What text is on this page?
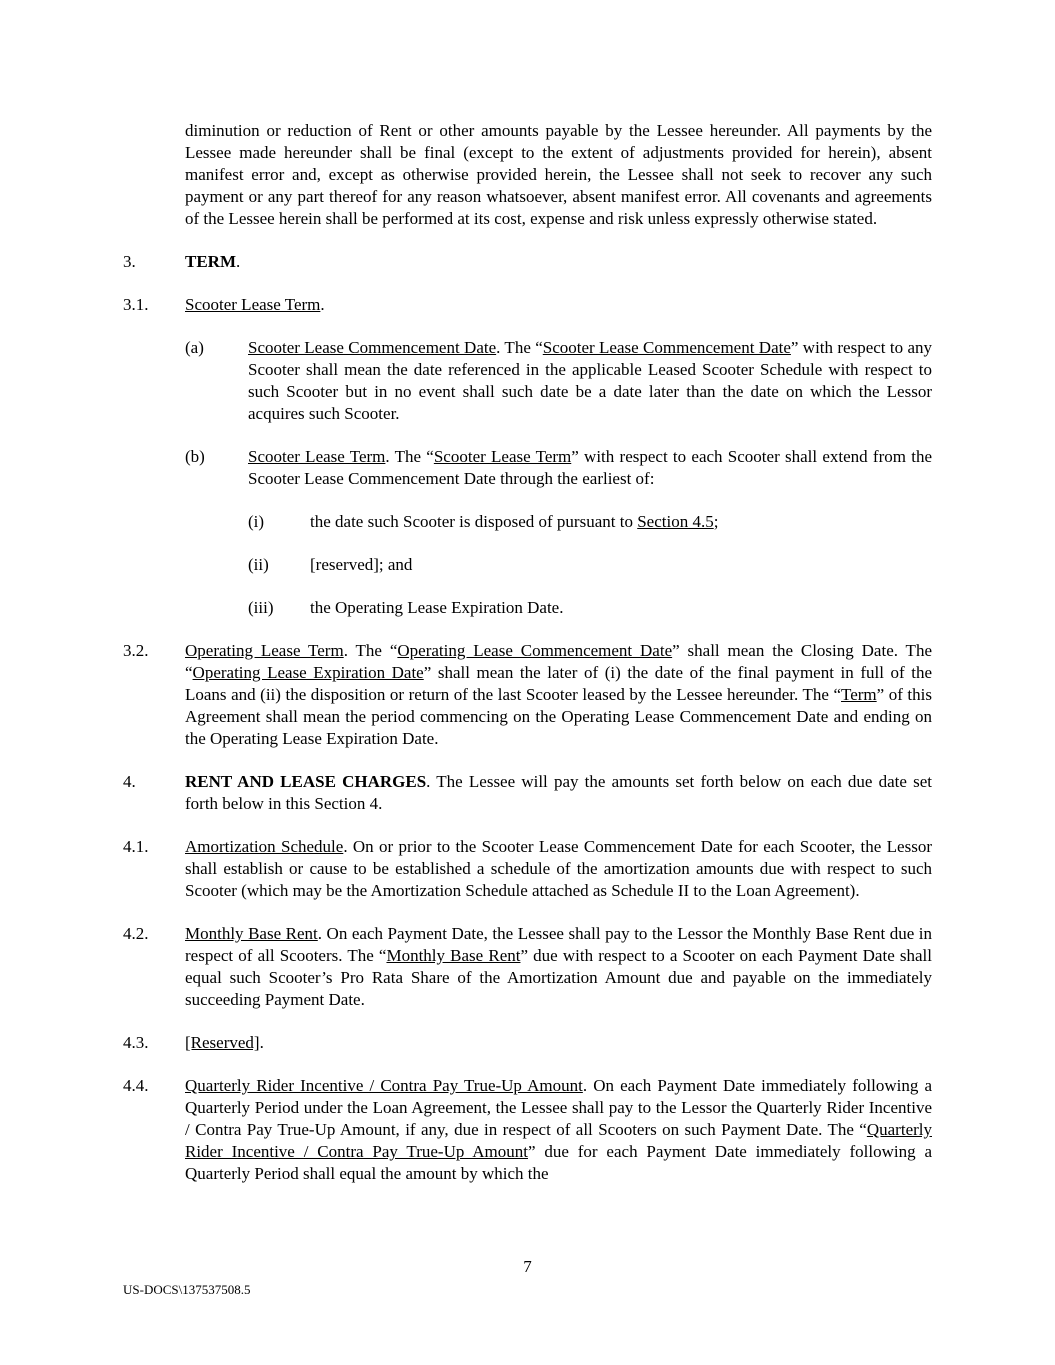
diminution or reduction of Rent or other amounts payable by the Lessee hereunder. All payments by the Lessee made hereunder shall be final (except to the extent of adjustments provided for herein), absent manifest error and, except as otherwise provided herein, the Lessee shall not seek to recover any such payment or any part thereof for any reason whatsoever, absent manifest error. All covenants and agreements of the Lessee herein shall be performed at its cost, expense and risk unless expressly otherwise stated.
3.	TERM.
3.1. Scooter Lease Term.
(a)	Scooter Lease Commencement Date. The “Scooter Lease Commencement Date” with respect to any Scooter shall mean the date referenced in the applicable Leased Scooter Schedule with respect to such Scooter but in no event shall such date be a date later than the date on which the Lessor acquires such Scooter.
(b)	Scooter Lease Term. The “Scooter Lease Term” with respect to each Scooter shall extend from the Scooter Lease Commencement Date through the earliest of:
(i)	the date such Scooter is disposed of pursuant to Section 4.5;
(ii) [reserved]; and
(iii) the Operating Lease Expiration Date.
3.2. Operating Lease Term. The “Operating Lease Commencement Date” shall mean the Closing Date. The “Operating Lease Expiration Date” shall mean the later of (i) the date of the final payment in full of the Loans and (ii) the disposition or return of the last Scooter leased by the Lessee hereunder. The “Term” of this Agreement shall mean the period commencing on the Operating Lease Commencement Date and ending on the Operating Lease Expiration Date.
4.	RENT AND LEASE CHARGES. The Lessee will pay the amounts set forth below on each due date set forth below in this Section 4.
4.1. Amortization Schedule. On or prior to the Scooter Lease Commencement Date for each Scooter, the Lessor shall establish or cause to be established a schedule of the amortization amounts due with respect to such Scooter (which may be the Amortization Schedule attached as Schedule II to the Loan Agreement).
4.2. Monthly Base Rent. On each Payment Date, the Lessee shall pay to the Lessor the Monthly Base Rent due in respect of all Scooters. The “Monthly Base Rent” due with respect to a Scooter on each Payment Date shall equal such Scooter’s Pro Rata Share of the Amortization Amount due and payable on the immediately succeeding Payment Date.
4.3. [Reserved].
4.4. Quarterly Rider Incentive / Contra Pay True-Up Amount. On each Payment Date immediately following a Quarterly Period under the Loan Agreement, the Lessee shall pay to the Lessor the Quarterly Rider Incentive / Contra Pay True-Up Amount, if any, due in respect of all Scooters on such Payment Date. The “Quarterly Rider Incentive / Contra Pay True-Up Amount” due for each Payment Date immediately following a Quarterly Period shall equal the amount by which the
7
US-DOCS\137537508.5
